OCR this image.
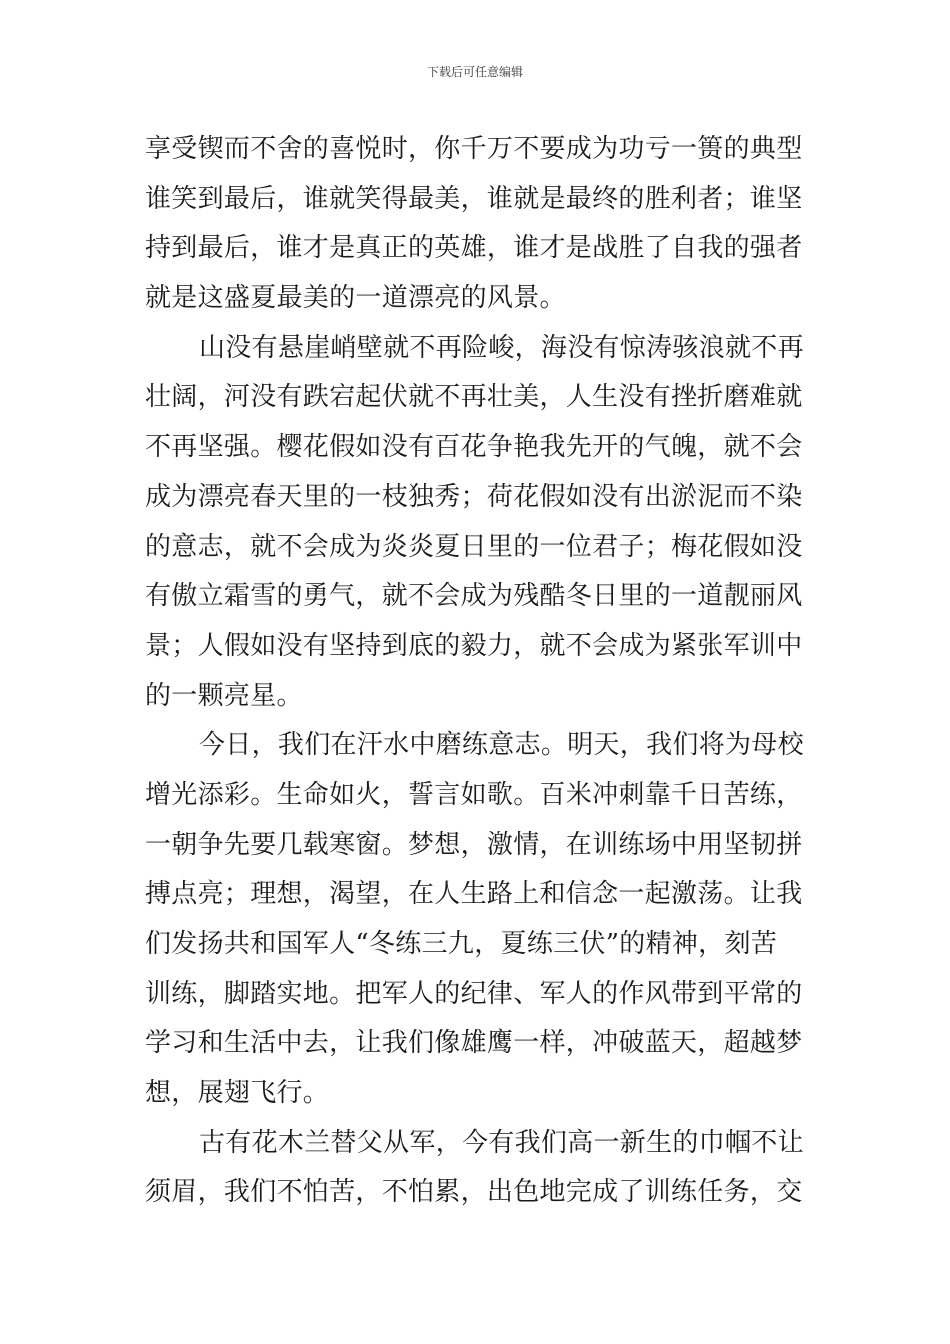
下载后可任意编辑
享受锲而不舍的喜悦时，你千万不要成为功亏一篑的典型
谁笑到最后，谁就笑得最美，谁就是最终的胜利者；谁坚
持到最后，谁才是真正的英雄，谁才是战胜了自我的强者
就是这盛夏最美的一道漂亮的风景。
山没有悬崖峭壁就不再险峻，海没有惊涛骇浪就不再
壮阔，河没有跌宕起伏就不再壮美，人生没有挫折磨难就
不再坚强。樱花假如没有百花争艳我先开的气魄，就不会
成为漂亮春天里的一枝独秀；荷花假如没有出淤泥而不染
的意志，就不会成为炎炎夏日里的一位君子；梅花假如没
有傲立霜雪的勇气，就不会成为残酷冬日里的一道靓丽风
景；人假如没有坚持到底的毅力，就不会成为紧张军训中
的一颗亮星。
今日，我们在汗水中磨练意志。明天，我们将为母校
增光添彩。生命如火，誓言如歌。百米冲刺靠千日苦练，
一朝争先要几载寒窗。梦想，激情，在训练场中用坚韧拼
搏点亮；理想，渴望，在人生路上和信念一起激荡。让我
们发扬共和国军人“冬练三九，夏练三伏”的精神，刻苦
训练，脚踏实地。把军人的纪律、军人的作风带到平常的
学习和生活中去，让我们像雄鹰一样，冲破蓝天，超越梦
想，展翅飞行。
古有花木兰替父从军，今有我们高一新生的巾帼不让
须眉，我们不怕苦，不怕累，出色地完成了训练任务，交
